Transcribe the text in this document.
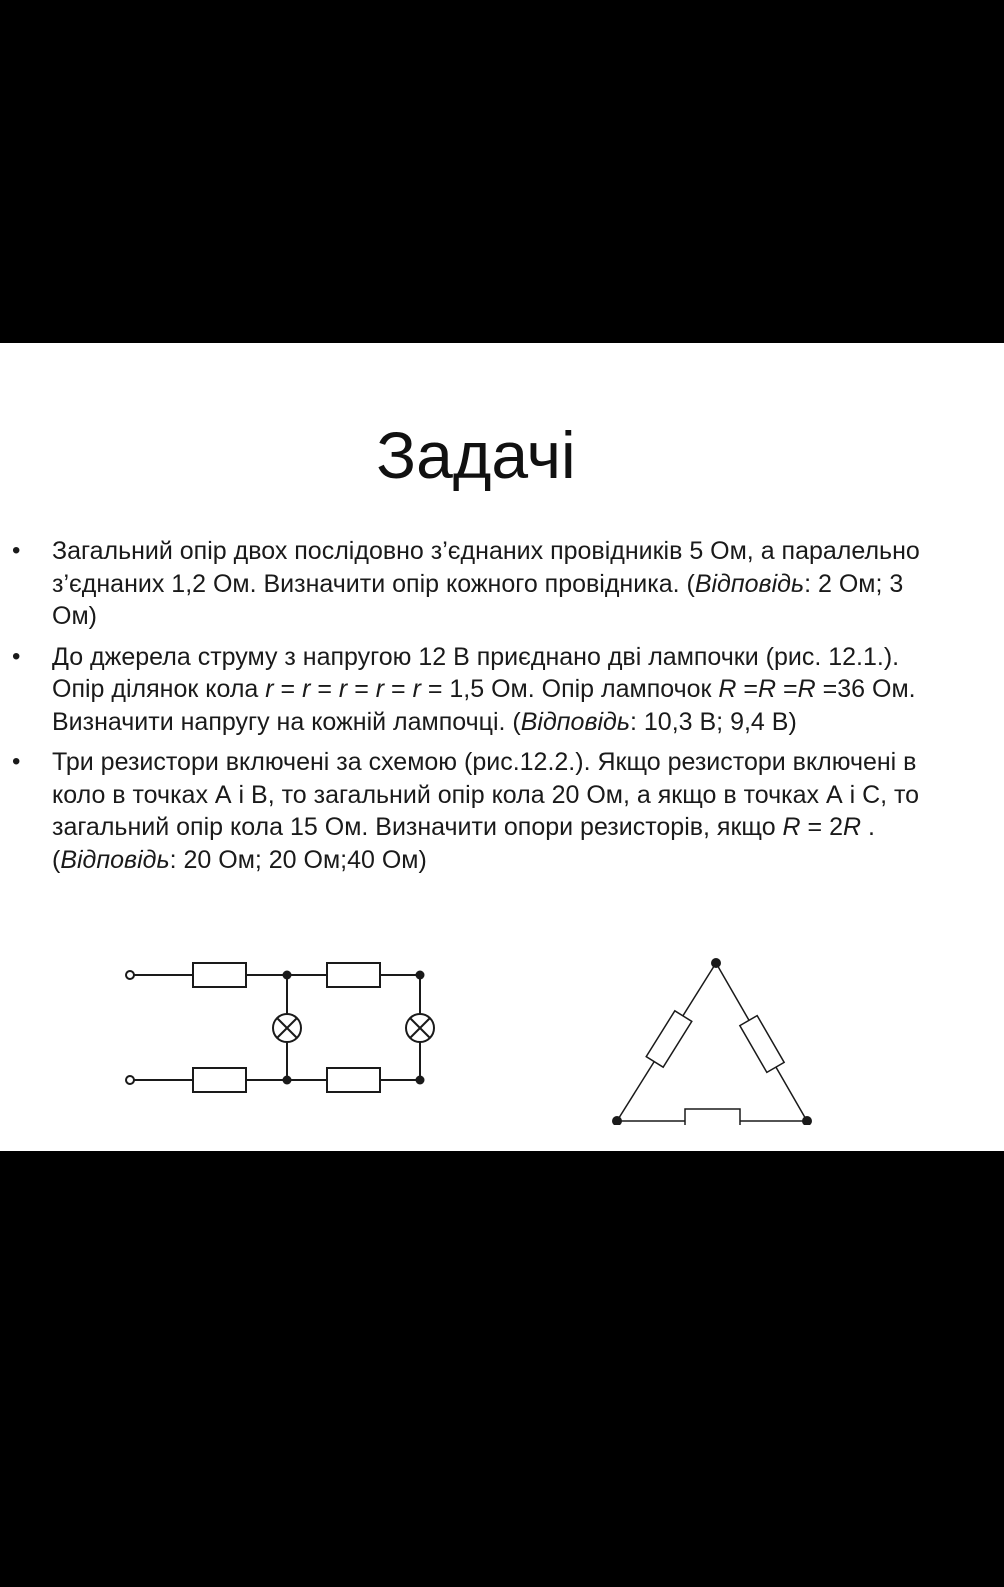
Задачі
• Загальний опір двох послідовно з’єднаних провідників 5 Ом, а паралельно з’єднаних 1,2 Ом. Визначити опір кожного провідника. (Відповідь: 2 Ом; 3 Ом)
• До джерела струму з напругою 12 В приєднано дві лампочки (рис. 12.1.). Опір ділянок кола r = r = r = r = r = 1,5 Ом. Опір лампочок R =R =R =36 Ом. Визначити напругу на кожній лампочці. (Відповідь: 10,3 В; 9,4 В)
• Три резистори включені за схемою (рис.12.2.). Якщо резистори включені в коло в точках А і В, то загальний опір кола 20 Ом, а якщо в точках А і С, то загальний опір кола 15 Ом. Визначити опори резисторів, якщо R = 2R . (Відповідь: 20 Ом; 20 Ом;40 Ом)
